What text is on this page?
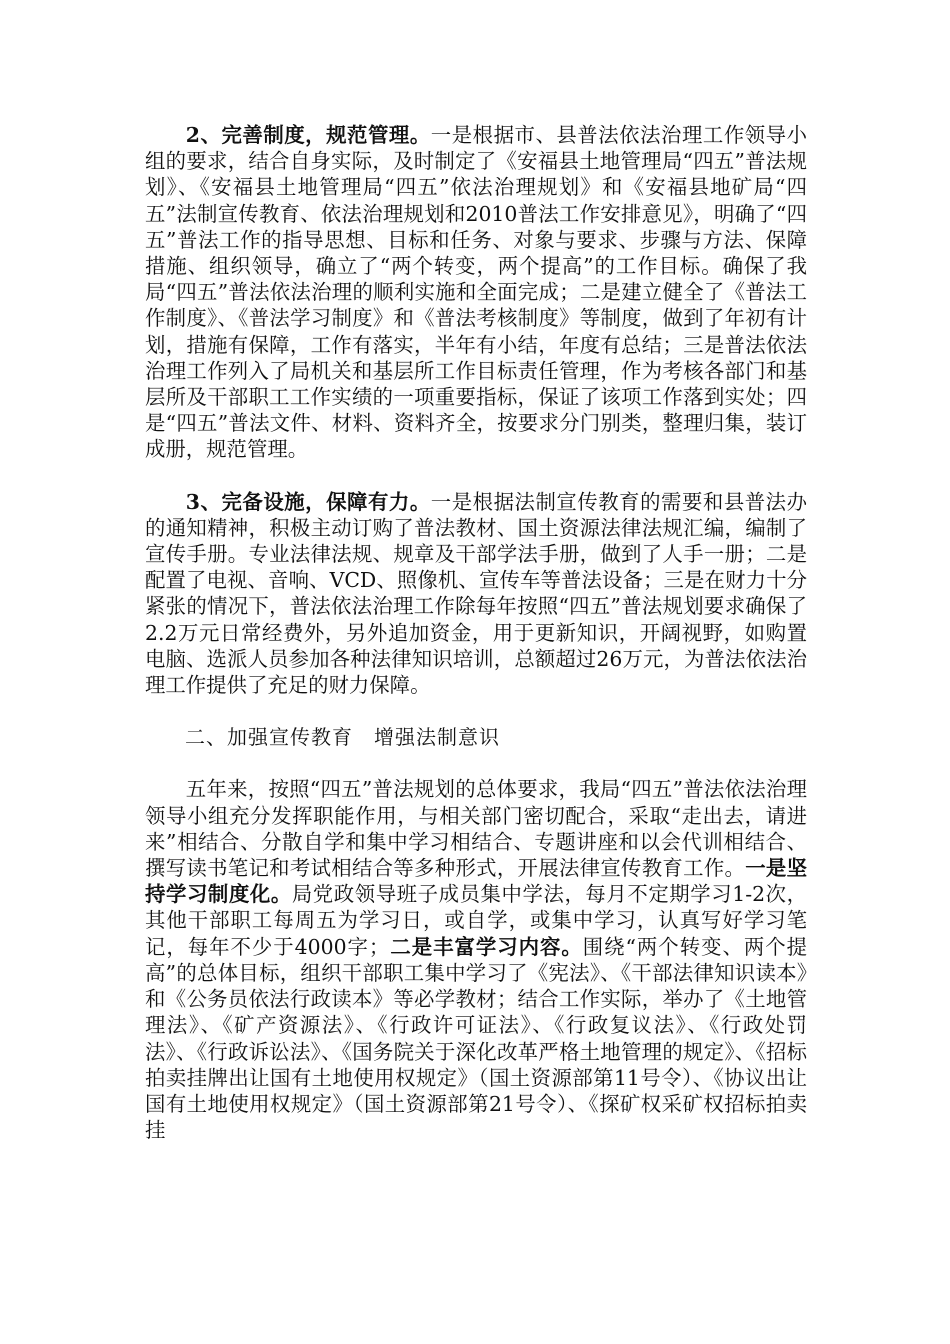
2、完善制度，规范管理。一是根据市、县普法依法治理工作领导小组的要求，结合自身实际，及时制定了《安福县土地管理局“四五”普法规划》、《安福县土地管理局“四五”依法治理规划》和《安福县地矿局“四五”法制宣传教育、依法治理规划和2010普法工作安排意见》，明确了“四五”普法工作的指导思想、目标和任务、对象与要求、步骤与方法、保障措施、组织领导，确立了“两个转变，两个提高”的工作目标。确保了我局“四五”普法依法治理的顺利实施和全面完成；二是建立健全了《普法工作制度》、《普法学习制度》和《普法考核制度》等制度，做到了年初有计划，措施有保障，工作有落实，半年有小结，年度有总结；三是普法依法治理工作列入了局机关和基层所工作目标责任管理，作为考核各部门和基层所及干部职工工作实绩的一项重要指标，保证了该项工作落到实处；四是“四五”普法文件、材料、资料齐全，按要求分门别类，整理归集，装订成册，规范管理。

3、完备设施，保障有力。一是根据法制宣传教育的需要和县普法办的通知精神，积极主动订购了普法教材、国土资源法律法规汇编，编制了宣传手册。专业法律法规、规章及干部学法手册，做到了人手一册；二是配置了电视、音响、VCD、照像机、宣传车等普法设备；三是在财力十分紧张的情况下，普法依法治理工作除每年按照“四五”普法规划要求确保了2.2万元日常经费外，另外追加资金，用于更新知识，开阔视野，如购置电脑、选派人员参加各种法律知识培训，总额超过26万元，为普法依法治理工作提供了充足的财力保障。

二、加强宣传教育　增强法制意识

五年来，按照“四五”普法规划的总体要求，我局“四五”普法依法治理领导小组充分发挥职能作用，与相关部门密切配合，采取“走出去，请进来”相结合、分散自学和集中学习相结合、专题讲座和以会代训相结合、撰写读书笔记和考试相结合等多种形式，开展法律宣传教育工作。一是坚持学习制度化。局党政领导班子成员集中学法，每月不定期学习1-2次，其他干部职工每周五为学习日，或自学，或集中学习，认真写好学习笔记，每年不少于4000字；二是丰富学习内容。围绕“两个转变、两个提高”的总体目标，组织干部职工集中学习了《宪法》、《干部法律知识读本》和《公务员依法行政读本》等必学教材；结合工作实际，举办了《土地管理法》、《矿产资源法》、《行政许可证法》、《行政复议法》、《行政处罚法》、《行政诉讼法》、《国务院关于深化改革严格土地管理的规定》、《招标拍卖挂牌出让国有土地使用权规定》（国土资源部第11号令）、《协议出让国有土地使用权规定》（国土资源部第21号令）、《探矿权采矿权招标拍卖挂
